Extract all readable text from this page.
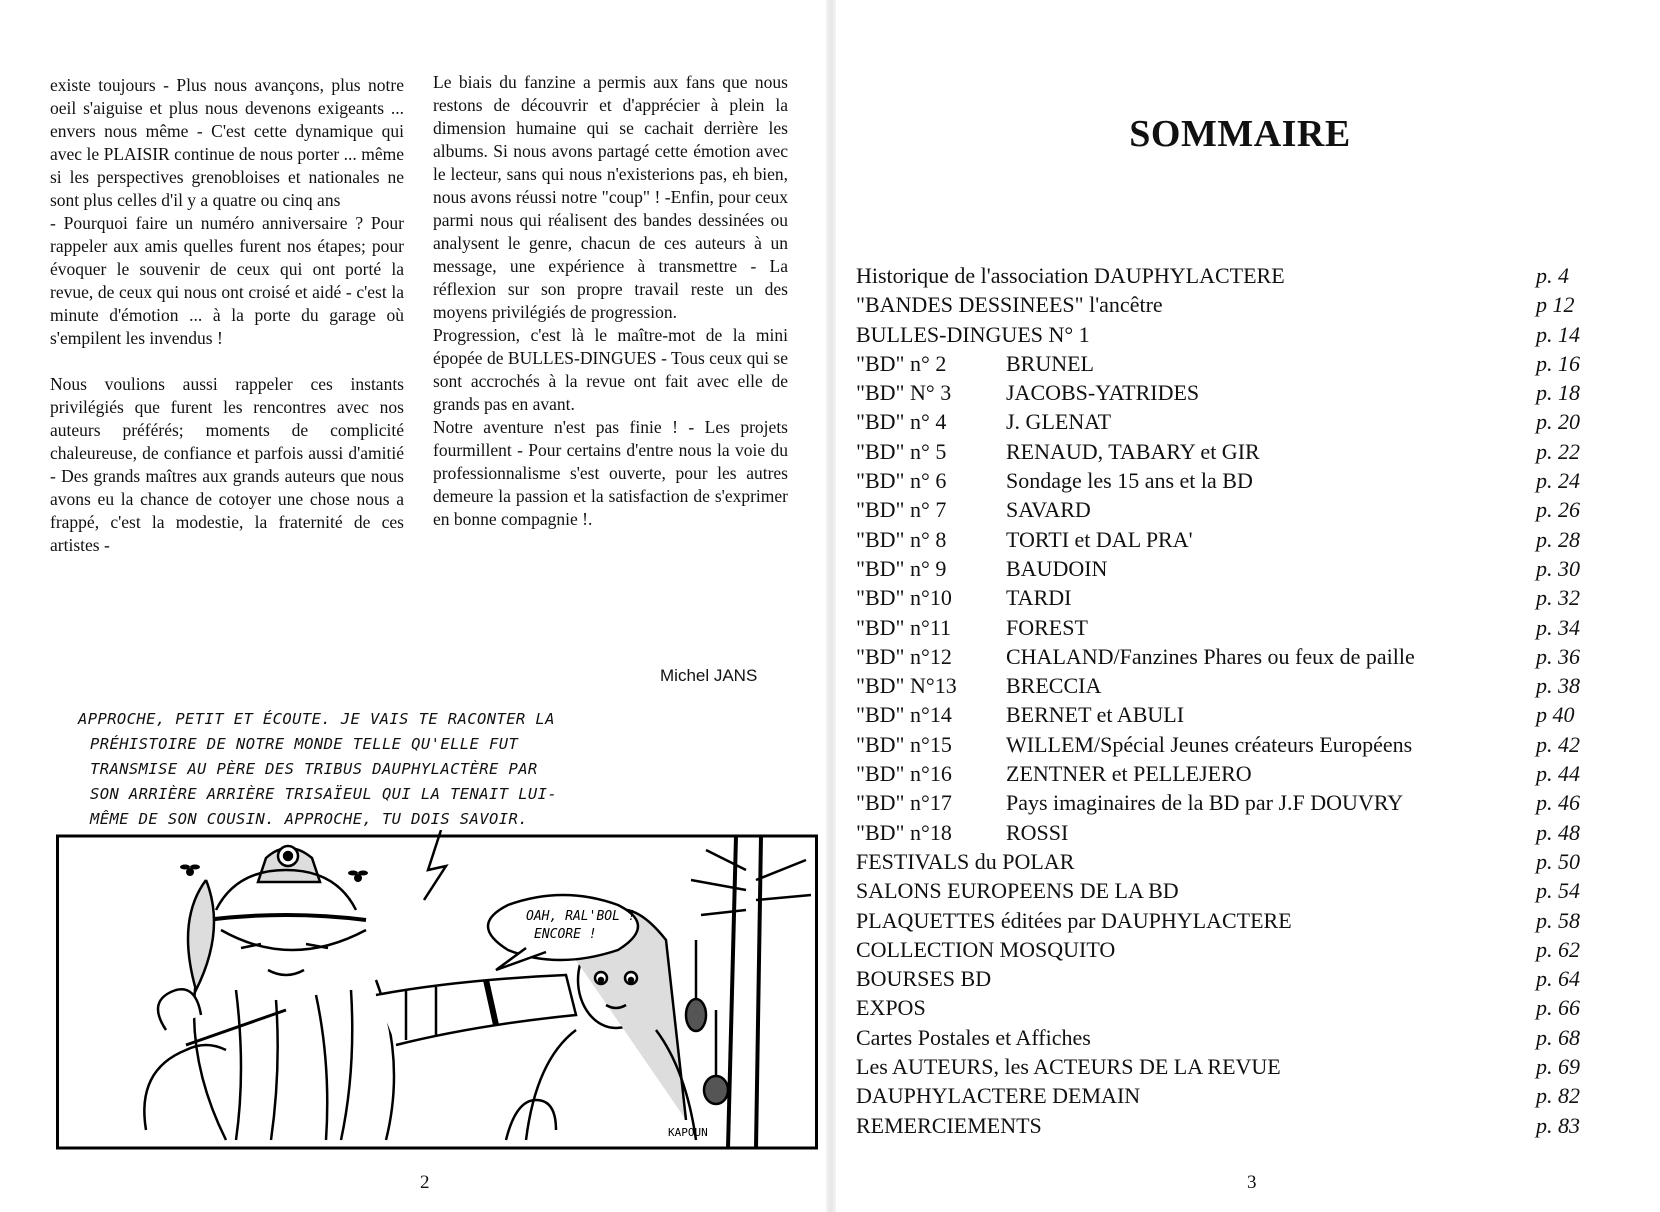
existe toujours - Plus nous avançons, plus notre oeil s'aiguise et plus nous devenons exigeants ... envers nous même - C'est cette dynamique qui avec le PLAISIR continue de nous porter ... même si les perspectives grenobloises et nationales ne sont plus celles d'il y a quatre ou cinq ans

- Pourquoi faire un numéro anniversaire ? Pour rappeler aux amis quelles furent nos étapes; pour évoquer le souvenir de ceux qui ont porté la revue, de ceux qui nous ont croisé et aidé - c'est la minute d'émotion ... à la porte du garage où s'empilent les invendus !

Nous voulions aussi rappeler ces instants privilégiés que furent les rencontres avec nos auteurs préférés; moments de complicité chaleureuse, de confiance et parfois aussi d'amitié - Des grands maîtres aux grands auteurs que nous avons eu la chance de cotoyer une chose nous a frappé, c'est la modestie, la fraternité de ces artistes -

Le biais du fanzine a permis aux fans que nous restons de découvrir et d'apprécier à plein la dimension humaine qui se cachait derrière les albums. Si nous avons partagé cette émotion avec le lecteur, sans qui nous n'existerions pas, eh bien, nous avons réussi notre "coup" ! -Enfin, pour ceux parmi nous qui réalisent des bandes dessinées ou analysent le genre, chacun de ces auteurs à un message, une expérience à transmettre - La réflexion sur son propre travail reste un des moyens privilégiés de progression.

Progression, c'est là le maître-mot de la mini épopée de BULLES-DINGUES - Tous ceux qui se sont accrochés à la revue ont fait avec elle de grands pas en avant.

Notre aventure n'est pas finie ! - Les projets fourmillent - Pour certains d'entre nous la voie du professionnalisme s'est ouverte, pour les autres demeure la passion et la satisfaction de s'exprimer en bonne compagnie !.

Michel JANS
APPROCHE, PETIT ET ÉCOUTE. JE VAIS TE RACONTER LA
PRÉHISTOIRE DE NOTRE MONDE TELLE QU'ELLE FUT
TRANSMISE AU PÈRE DES TRIBUS DAUPHYLACTÈRE PAR
SON ARRIÈRE ARRIÈRE TRISAÏEUL QUI LA TENAIT LUI-
MÊME DE SON COUSIN. APPROCHE, TU DOIS SAVOIR.
OAH, RAL'BOL !
ENCORE !
KAPOUN
2
SOMMAIRE
Historique de l'association DAUPHYLACTERE	p. 4
"BANDES DESSINEES" l'ancêtre	p 12
BULLES-DINGUES N° 1	p. 14
"BD" n° 2	BRUNEL	p. 16
"BD" N° 3 JACOBS-YATRIDES	p. 18
"BD" n° 4	J. GLENAT	p. 20
"BD" n° 5	RENAUD, TABARY et GIR	p. 22
"BD" n° 6	Sondage les 15 ans et la BD	p. 24
"BD" n° 7	SAVARD	p. 26
"BD" n° 8	TORTI et DAL PRA'	p. 28
"BD" n° 9	BAUDOIN	p. 30
"BD" n°10 TARDI	p. 32
"BD" n°11 FOREST	p. 34
"BD" n°12 CHALAND/Fanzines Phares ou feux de paille	p. 36
"BD" N°13 BRECCIA	p. 38
"BD" n°14 BERNET et ABULI	p 40
"BD" n°15 WILLEM/Spécial Jeunes créateurs Européens	p. 42
"BD" n°16 ZENTNER et PELLEJERO	p. 44
"BD" n°17 Pays imaginaires de la BD par J.F DOUVRY	p. 46
"BD" n°18 ROSSI	p. 48
FESTIVALS du POLAR	p. 50
SALONS EUROPEENS DE LA BD	p. 54
PLAQUETTES éditées par DAUPHYLACTERE	p. 58
COLLECTION MOSQUITO	p. 62
BOURSES BD	p. 64
EXPOS	p. 66
Cartes Postales et Affiches	p. 68
Les AUTEURS, les ACTEURS DE LA REVUE	p. 69
DAUPHYLACTERE DEMAIN	p. 82
REMERCIEMENTS	p. 83
3
